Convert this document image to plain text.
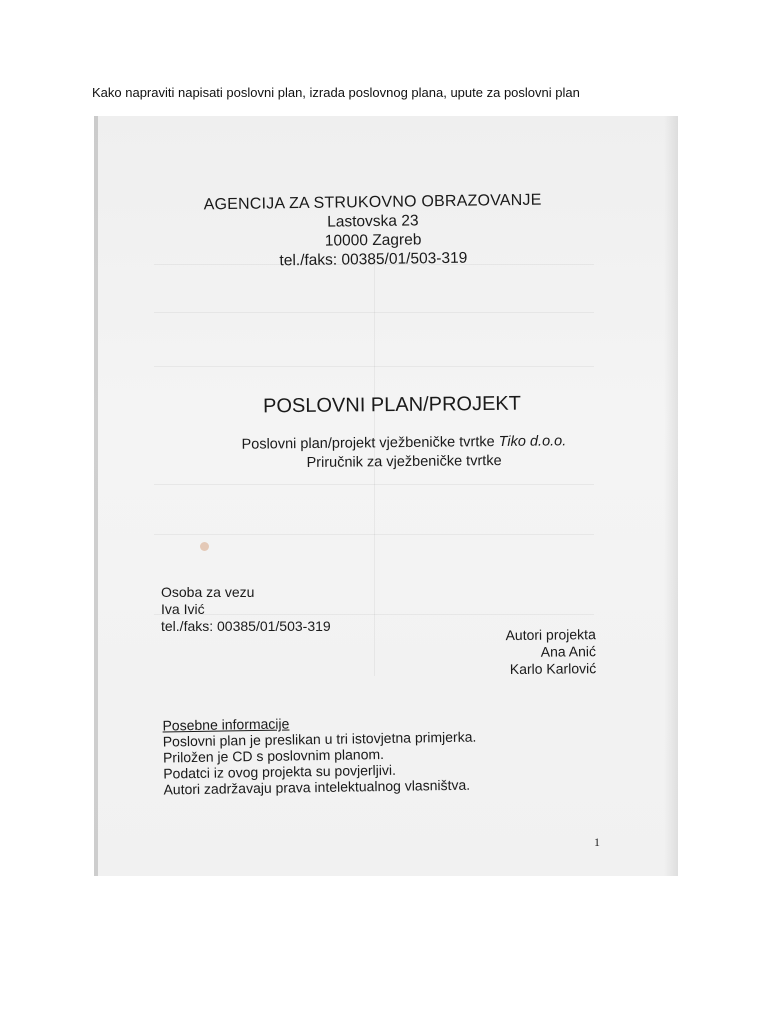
Kako napraviti napisati poslovni plan, izrada poslovnog plana, upute za poslovni plan
AGENCIJA ZA STRUKOVNO OBRAZOVANJE
Lastovska 23
10000 Zagreb
tel./faks: 00385/01/503-319
POSLOVNI PLAN/PROJEKT
Poslovni plan/projekt vježbeničke tvrtke Tiko d.o.o.
Priručnik za vježbeničke tvrtke
Osoba za vezu
Iva Ivić
tel./faks: 00385/01/503-319
Autori projekta
Ana Anić
Karlo Karlović
Posebne informacije
Poslovni plan je preslikan u tri istovjetna primjerka.
Priložen je CD s poslovnim planom.
Podatci iz ovog projekta su povjerljivi.
Autori zadržavaju prava intelektualnog vlasništva.
1
